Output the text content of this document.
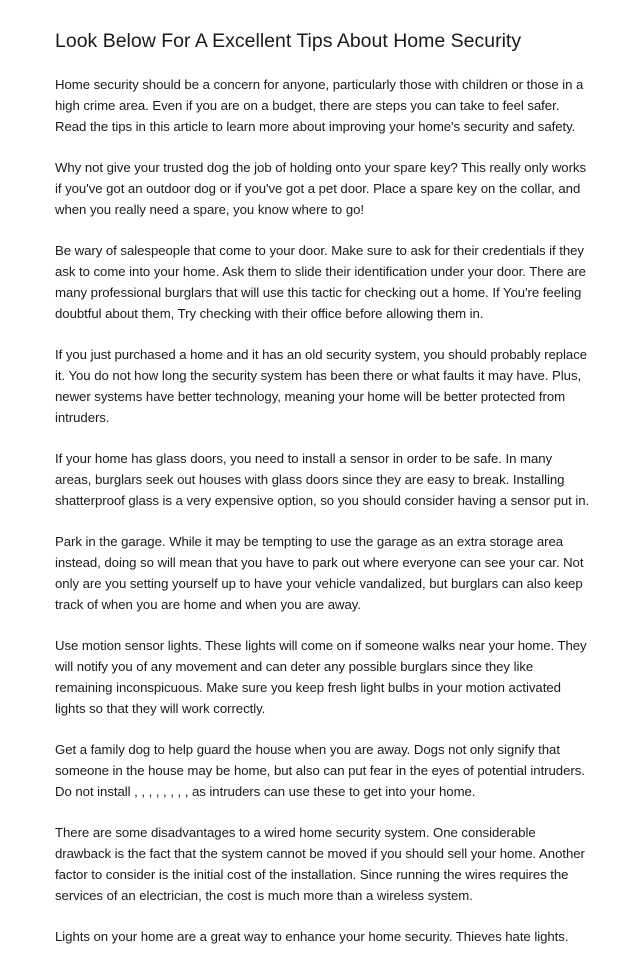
Look Below For A Excellent Tips About Home Security

Home security should be a concern for anyone, particularly those with children or those in a high crime area. Even if you are on a budget, there are steps you can take to feel safer. Read the tips in this article to learn more about improving your home's security and safety.

Why not give your trusted dog the job of holding onto your spare key? This really only works if you've got an outdoor dog or if you've got a pet door. Place a spare key on the collar, and when you really need a spare, you know where to go!

Be wary of salespeople that come to your door. Make sure to ask for their credentials if they ask to come into your home. Ask them to slide their identification under your door. There are many professional burglars that will use this tactic for checking out a home. If You're feeling doubtful about them, Try checking with their office before allowing them in.

If you just purchased a home and it has an old security system, you should probably replace it. You do not how long the security system has been there or what faults it may have. Plus, newer systems have better technology, meaning your home will be better protected from intruders.

If your home has glass doors, you need to install a sensor in order to be safe. In many areas, burglars seek out houses with glass doors since they are easy to break. Installing shatterproof glass is a very expensive option, so you should consider having a sensor put in.

Park in the garage. While it may be tempting to use the garage as an extra storage area instead, doing so will mean that you have to park out where everyone can see your car. Not only are you setting yourself up to have your vehicle vandalized, but burglars can also keep track of when you are home and when you are away.

Use motion sensor lights. These lights will come on if someone walks near your home. They will notify you of any movement and can deter any possible burglars since they like remaining inconspicuous. Make sure you keep fresh light bulbs in your motion activated lights so that they will work correctly.

Get a family dog to help guard the house when you are away. Dogs not only signify that someone in the house may be home, but also can put fear in the eyes of potential intruders. Do not install , , , , , , , , as intruders can use these to get into your home.

There are some disadvantages to a wired home security system. One considerable drawback is the fact that the system cannot be moved if you should sell your home. Another factor to consider is the initial cost of the installation. Since running the wires requires the services of an electrician, the cost is much more than a wireless system.

Lights on your home are a great way to enhance your home security. Thieves hate lights.
